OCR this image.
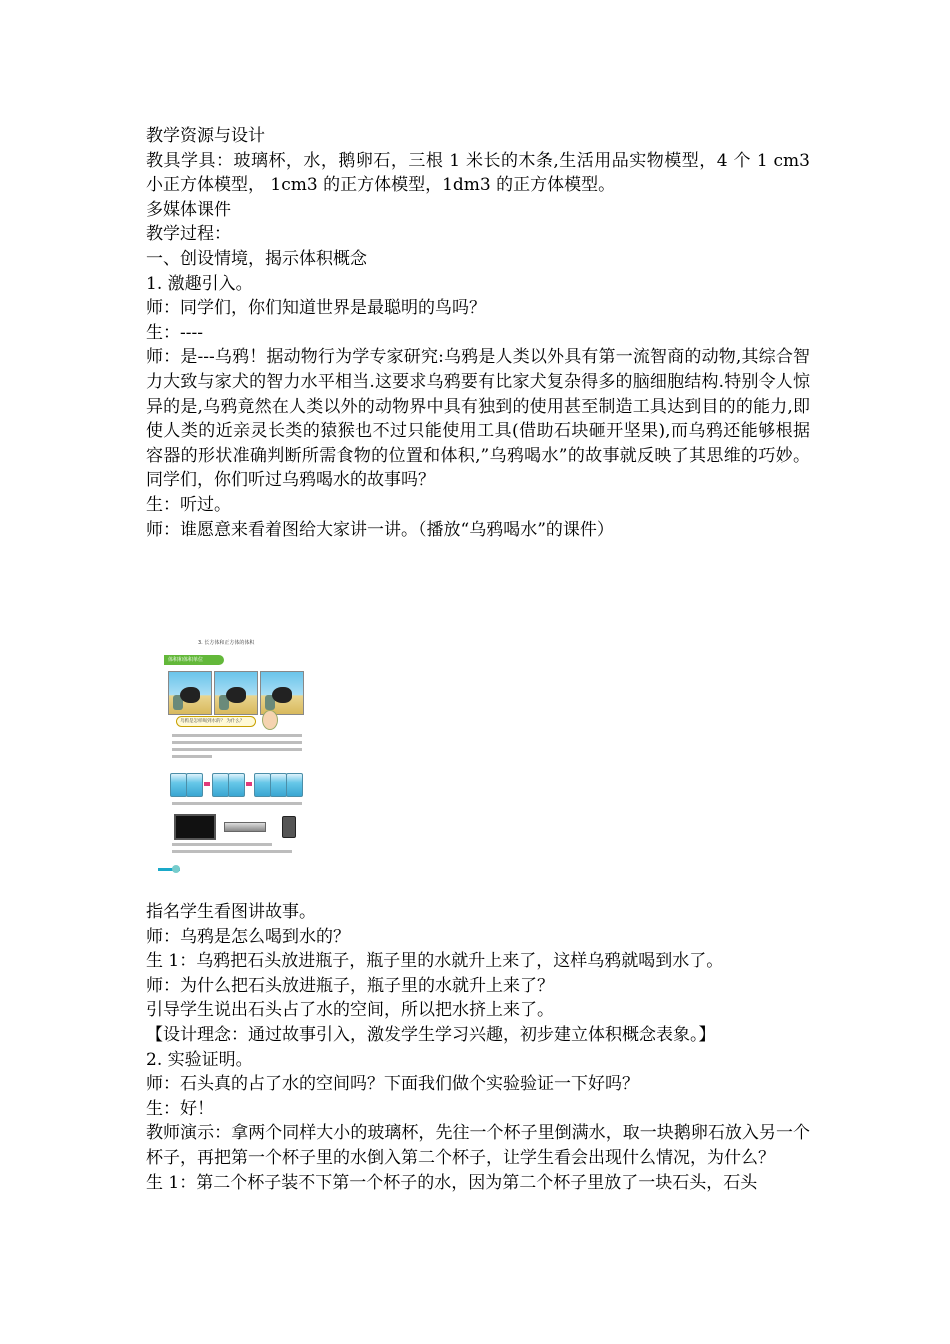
教学资源与设计

教具学具：玻璃杯，水，鹅卵石，三根 1 米长的木条,生活用品实物模型，4 个 1 cm3 小正方体模型， 1cm3 的正方体模型，1dm3 的正方体模型。

多媒体课件

教学过程：

一、创设情境，揭示体积概念

1. 激趣引入。

师：同学们，你们知道世界是最聪明的鸟吗？

生：----

师：是---乌鸦！据动物行为学专家研究:乌鸦是人类以外具有第一流智商的动物,其综合智力大致与家犬的智力水平相当.这要求乌鸦要有比家犬复杂得多的脑细胞结构.特别令人惊异的是,乌鸦竟然在人类以外的动物界中具有独到的使用甚至制造工具达到目的的能力,即使人类的近亲灵长类的猿猴也不过只能使用工具(借助石块砸开坚果),而乌鸦还能够根据容器的形状准确判断所需食物的位置和体积,”乌鸦喝水”的故事就反映了其思维的巧妙。同学们，你们听过乌鸦喝水的故事吗？

生：听过。

师：谁愿意来看着图给大家讲一讲。（播放“乌鸦喝水”的课件）

3. 长方体和正方体的体积
体积和体积单位
乌鸦是怎样喝到水的？ 为什么？

指名学生看图讲故事。

师：乌鸦是怎么喝到水的？

生 1：乌鸦把石头放进瓶子，瓶子里的水就升上来了，这样乌鸦就喝到水了。

师：为什么把石头放进瓶子，瓶子里的水就升上来了？

引导学生说出石头占了水的空间，所以把水挤上来了。

【设计理念：通过故事引入，激发学生学习兴趣，初步建立体积概念表象。】

2. 实验证明。

师：石头真的占了水的空间吗？下面我们做个实验验证一下好吗？

生：好！

教师演示：拿两个同样大小的玻璃杯，先往一个杯子里倒满水，取一块鹅卵石放入另一个杯子，再把第一个杯子里的水倒入第二个杯子，让学生看会出现什么情况，为什么？

生 1：第二个杯子装不下第一个杯子的水，因为第二个杯子里放了一块石头，石头
